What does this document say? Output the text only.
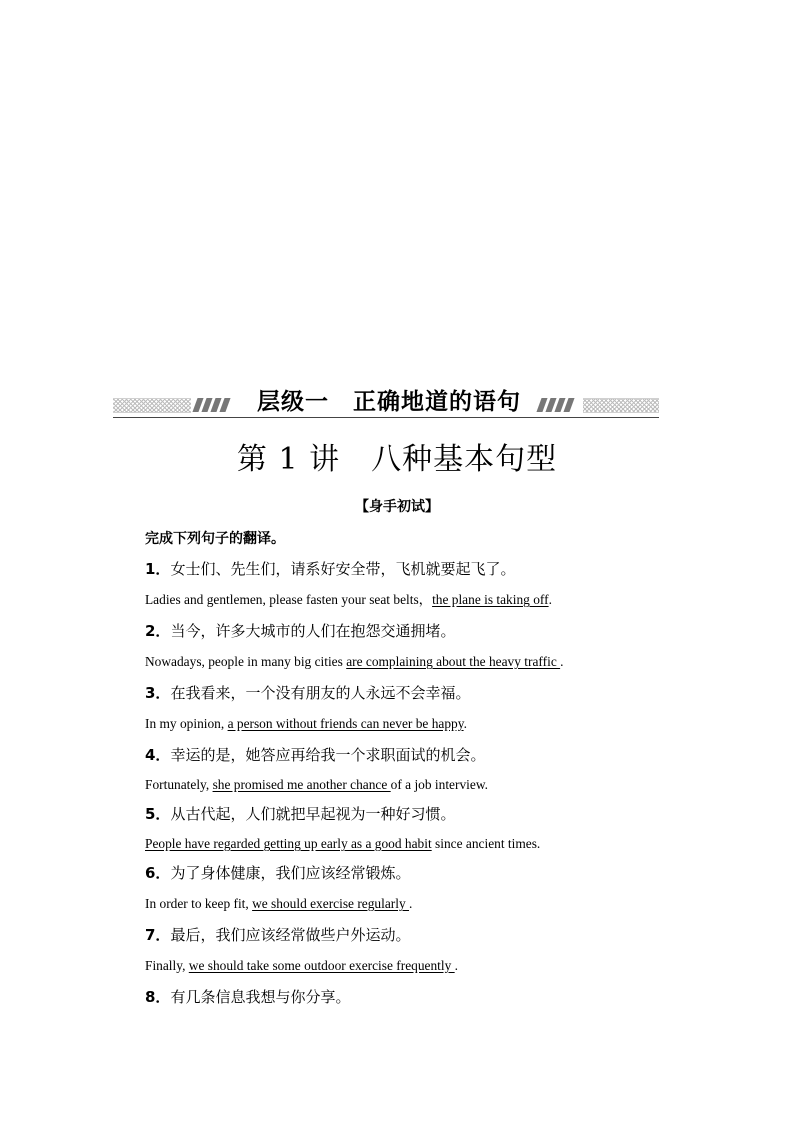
层级一　正确地道的语句
第 1 讲　八种基本句型
【身手初试】
完成下列句子的翻译。
1．女士们、先生们，请系好安全带，飞机就要起飞了。
Ladies and gentlemen, please fasten your seat belts，the plane is taking off.
2．当今，许多大城市的人们在抱怨交通拥堵。
Nowadays, people in many big cities are complaining about the heavy traffic .
3．在我看来，一个没有朋友的人永远不会幸福。
In my opinion, a person without friends can never be happy.
4．幸运的是，她答应再给我一个求职面试的机会。
Fortunately, she promised me another chance of a job interview.
5．从古代起，人们就把早起视为一种好习惯。
People have regarded getting up early as a good habit since ancient times.
6．为了身体健康，我们应该经常锻炼。
In order to keep fit, we should exercise regularly .
7．最后，我们应该经常做些户外运动。
Finally, we should take some outdoor exercise frequently .
8．有几条信息我想与你分享。
